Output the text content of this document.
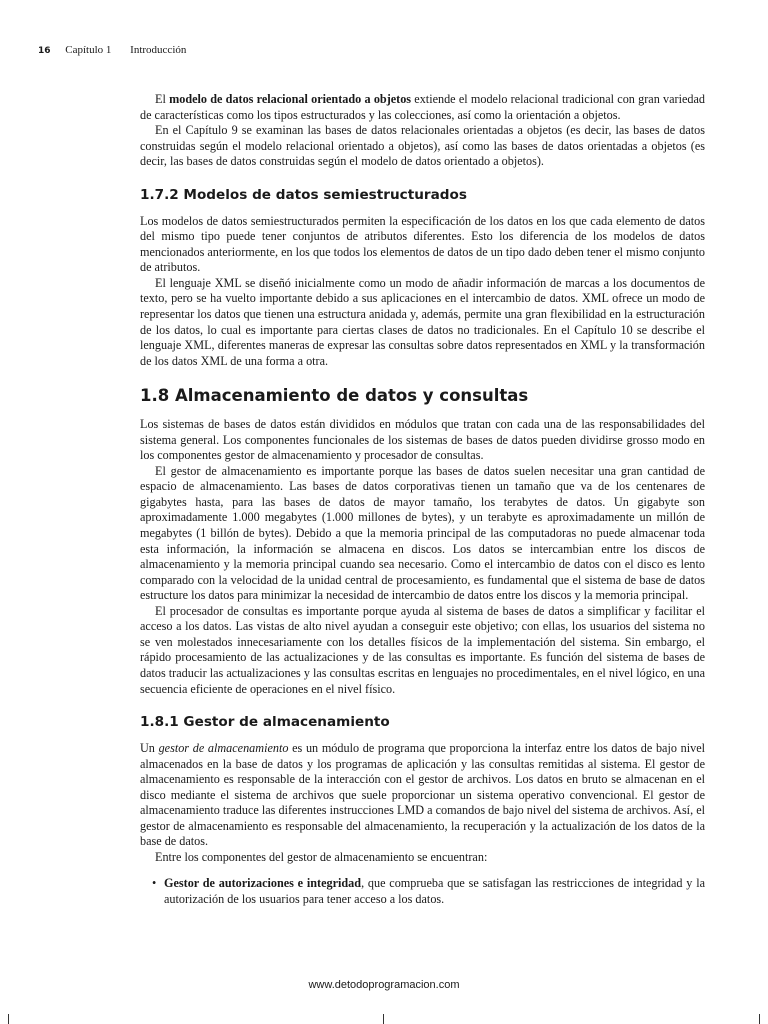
16 Capítulo 1 Introducción

El modelo de datos relacional orientado a objetos extiende el modelo relacional tradicional con gran variedad de características como los tipos estructurados y las colecciones, así como la orientación a objetos.

En el Capítulo 9 se examinan las bases de datos relacionales orientadas a objetos (es decir, las bases de datos construidas según el modelo relacional orientado a objetos), así como las bases de datos orientadas a objetos (es decir, las bases de datos construidas según el modelo de datos orientado a objetos).

1.7.2 Modelos de datos semiestructurados

Los modelos de datos semiestructurados permiten la especificación de los datos en los que cada elemento de datos del mismo tipo puede tener conjuntos de atributos diferentes. Esto los diferencia de los modelos de datos mencionados anteriormente, en los que todos los elementos de datos de un tipo dado deben tener el mismo conjunto de atributos.

El lenguaje XML se diseñó inicialmente como un modo de añadir información de marcas a los documentos de texto, pero se ha vuelto importante debido a sus aplicaciones en el intercambio de datos. XML ofrece un modo de representar los datos que tienen una estructura anidada y, además, permite una gran flexibilidad en la estructuración de los datos, lo cual es importante para ciertas clases de datos no tradicionales. En el Capítulo 10 se describe el lenguaje XML, diferentes maneras de expresar las consultas sobre datos representados en XML y la transformación de los datos XML de una forma a otra.

1.8 Almacenamiento de datos y consultas

Los sistemas de bases de datos están divididos en módulos que tratan con cada una de las responsabilidades del sistema general. Los componentes funcionales de los sistemas de bases de datos pueden dividirse grosso modo en los componentes gestor de almacenamiento y procesador de consultas.

El gestor de almacenamiento es importante porque las bases de datos suelen necesitar una gran cantidad de espacio de almacenamiento. Las bases de datos corporativas tienen un tamaño que va de los centenares de gigabytes hasta, para las bases de datos de mayor tamaño, los terabytes de datos. Un gigabyte son aproximadamente 1.000 megabytes (1.000 millones de bytes), y un terabyte es aproximadamente un millón de megabytes (1 billón de bytes). Debido a que la memoria principal de las computadoras no puede almacenar toda esta información, la información se almacena en discos. Los datos se intercambian entre los discos de almacenamiento y la memoria principal cuando sea necesario. Como el intercambio de datos con el disco es lento comparado con la velocidad de la unidad central de procesamiento, es fundamental que el sistema de base de datos estructure los datos para minimizar la necesidad de intercambio de datos entre los discos y la memoria principal.

El procesador de consultas es importante porque ayuda al sistema de bases de datos a simplificar y facilitar el acceso a los datos. Las vistas de alto nivel ayudan a conseguir este objetivo; con ellas, los usuarios del sistema no se ven molestados innecesariamente con los detalles físicos de la implementación del sistema. Sin embargo, el rápido procesamiento de las actualizaciones y de las consultas es importante. Es función del sistema de bases de datos traducir las actualizaciones y las consultas escritas en lenguajes no procedimentales, en el nivel lógico, en una secuencia eficiente de operaciones en el nivel físico.

1.8.1 Gestor de almacenamiento

Un gestor de almacenamiento es un módulo de programa que proporciona la interfaz entre los datos de bajo nivel almacenados en la base de datos y los programas de aplicación y las consultas remitidas al sistema. El gestor de almacenamiento es responsable de la interacción con el gestor de archivos. Los datos en bruto se almacenan en el disco mediante el sistema de archivos que suele proporcionar un sistema operativo convencional. El gestor de almacenamiento traduce las diferentes instrucciones LMD a comandos de bajo nivel del sistema de archivos. Así, el gestor de almacenamiento es responsable del almacenamiento, la recuperación y la actualización de los datos de la base de datos.

Entre los componentes del gestor de almacenamiento se encuentran:

• Gestor de autorizaciones e integridad, que comprueba que se satisfagan las restricciones de integridad y la autorización de los usuarios para tener acceso a los datos.
www.detodoprogramacion.com
